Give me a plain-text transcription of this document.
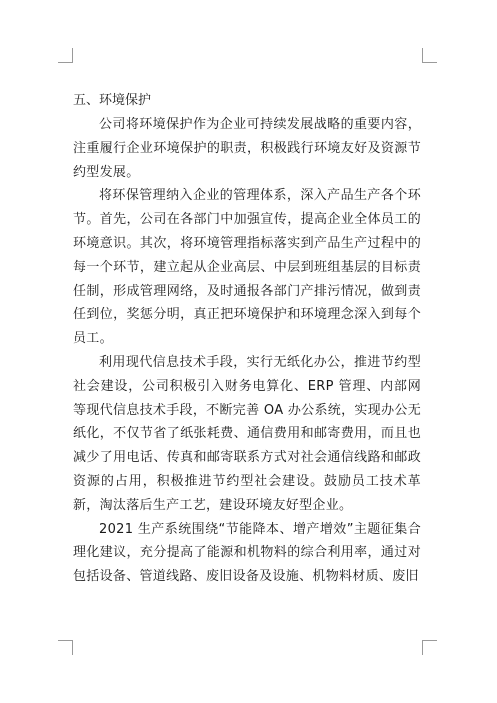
五、环境保护

公司将环境保护作为企业可持续发展战略的重要内容，注重履行企业环境保护的职责，积极践行环境友好及资源节约型发展。

将环保管理纳入企业的管理体系，深入产品生产各个环节。首先，公司在各部门中加强宣传，提高企业全体员工的环境意识。其次，将环境管理指标落实到产品生产过程中的每一个环节，建立起从企业高层、中层到班组基层的目标责任制，形成管理网络，及时通报各部门产排污情况，做到责任到位，奖惩分明，真正把环境保护和环境理念深入到每个员工。

利用现代信息技术手段，实行无纸化办公，推进节约型社会建设，公司积极引入财务电算化、ERP 管理、内部网等现代信息技术手段，不断完善 OA 办公系统，实现办公无纸化，不仅节省了纸张耗费、通信费用和邮寄费用，而且也减少了用电话、传真和邮寄联系方式对社会通信线路和邮政资源的占用，积极推进节约型社会建设。鼓励员工技术革新，淘汰落后生产工艺，建设环境友好型企业。

2021 生产系统围绕“节能降本、增产增效”主题征集合理化建议，充分提高了能源和机物料的综合利用率，通过对包括设备、管道线路、废旧设备及设施、机物料材质、废旧
